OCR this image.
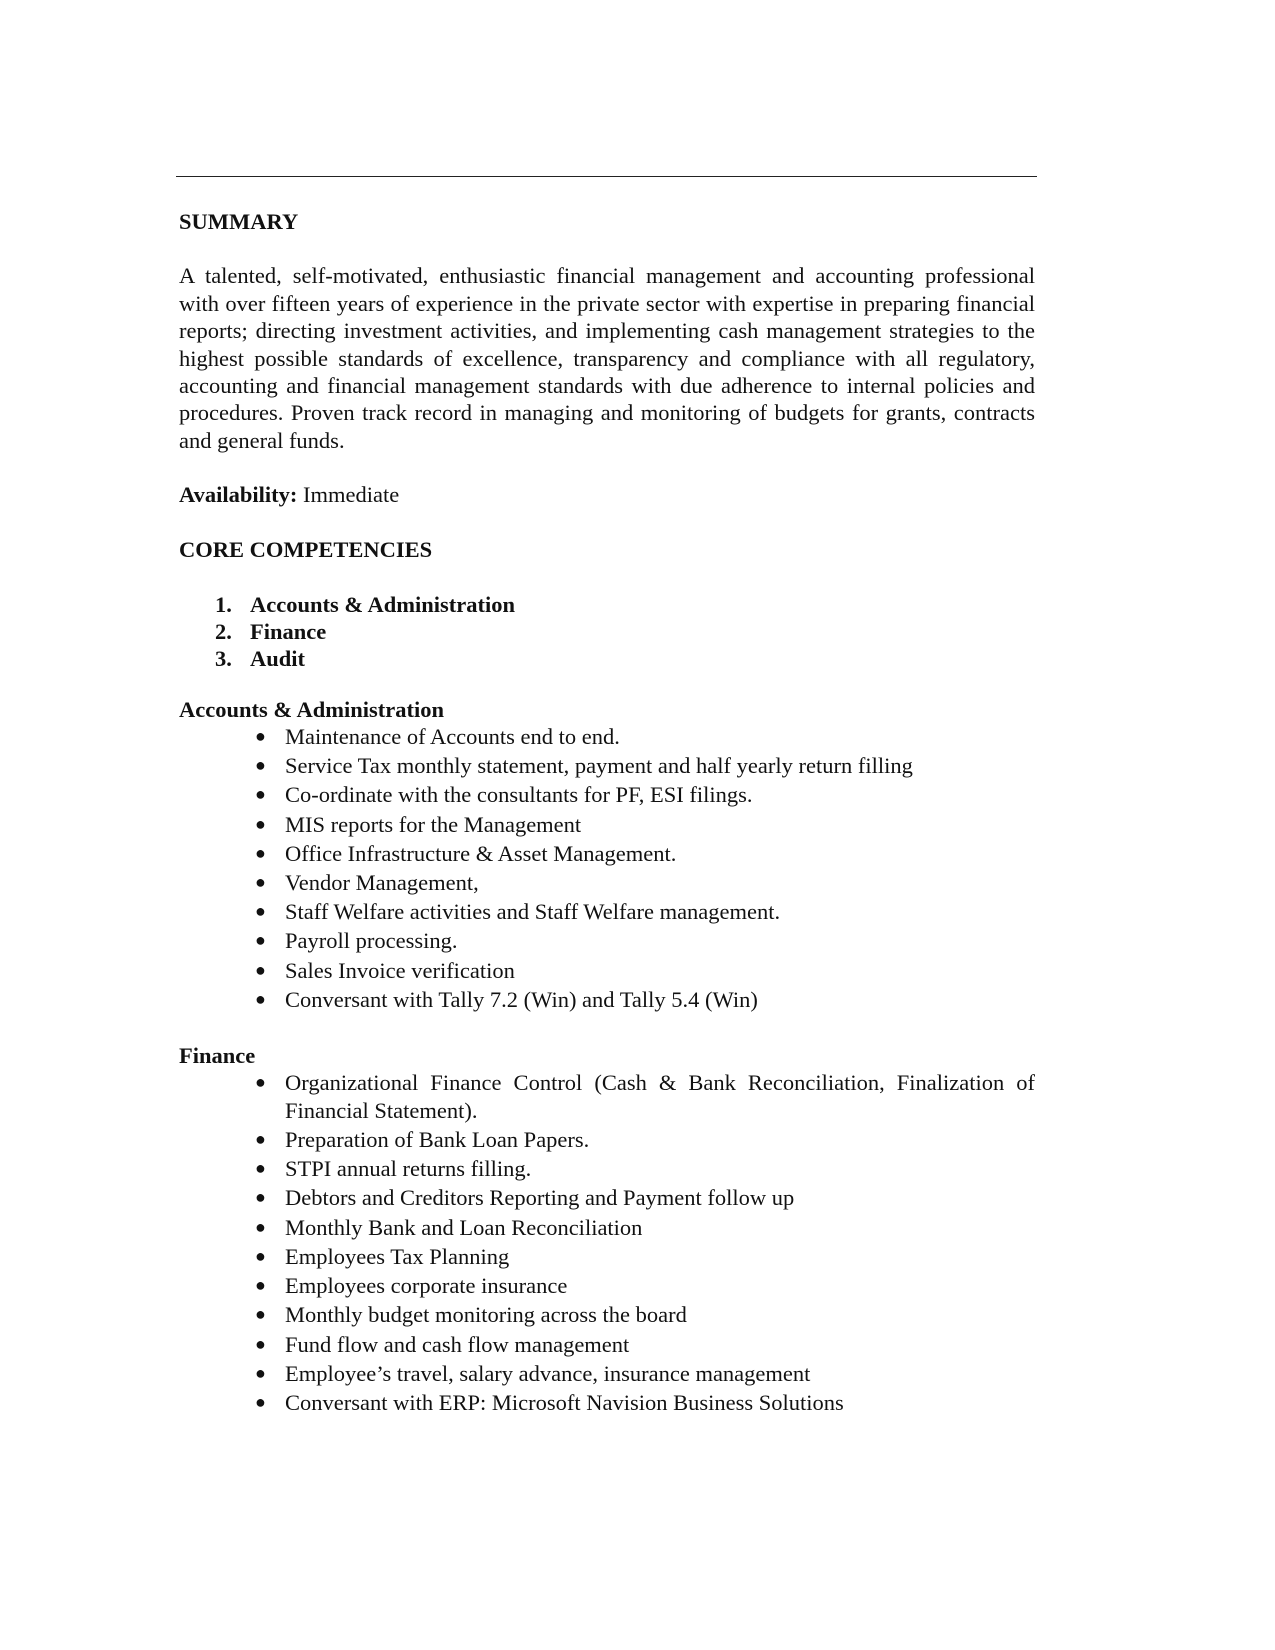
SUMMARY

A talented, self-motivated, enthusiastic financial management and accounting professional with over fifteen years of experience in the private sector with expertise in preparing financial reports; directing investment activities, and implementing cash management strategies to the highest possible standards of excellence, transparency and compliance with all regulatory, accounting and financial management standards with due adherence to internal policies and procedures. Proven track record in managing and monitoring of budgets for grants, contracts and general funds.

Availability: Immediate

CORE COMPETENCIES

1. Accounts & Administration
2. Finance
3. Audit

Accounts & Administration

● Maintenance of Accounts end to end.
● Service Tax monthly statement, payment and half yearly return filling
● Co-ordinate with the consultants for PF, ESI filings.
● MIS reports for the Management
● Office Infrastructure & Asset Management.
● Vendor Management,
● Staff Welfare activities and Staff Welfare management.
● Payroll processing.
● Sales Invoice verification
● Conversant with Tally 7.2 (Win) and Tally 5.4 (Win)

Finance

● Organizational Finance Control (Cash & Bank Reconciliation, Finalization of Financial Statement).
● Preparation of Bank Loan Papers.
● STPI annual returns filling.
● Debtors and Creditors Reporting and Payment follow up
● Monthly Bank and Loan Reconciliation
● Employees Tax Planning
● Employees corporate insurance
● Monthly budget monitoring across the board
● Fund flow and cash flow management
● Employee’s travel, salary advance, insurance management
● Conversant with ERP: Microsoft Navision Business Solutions
